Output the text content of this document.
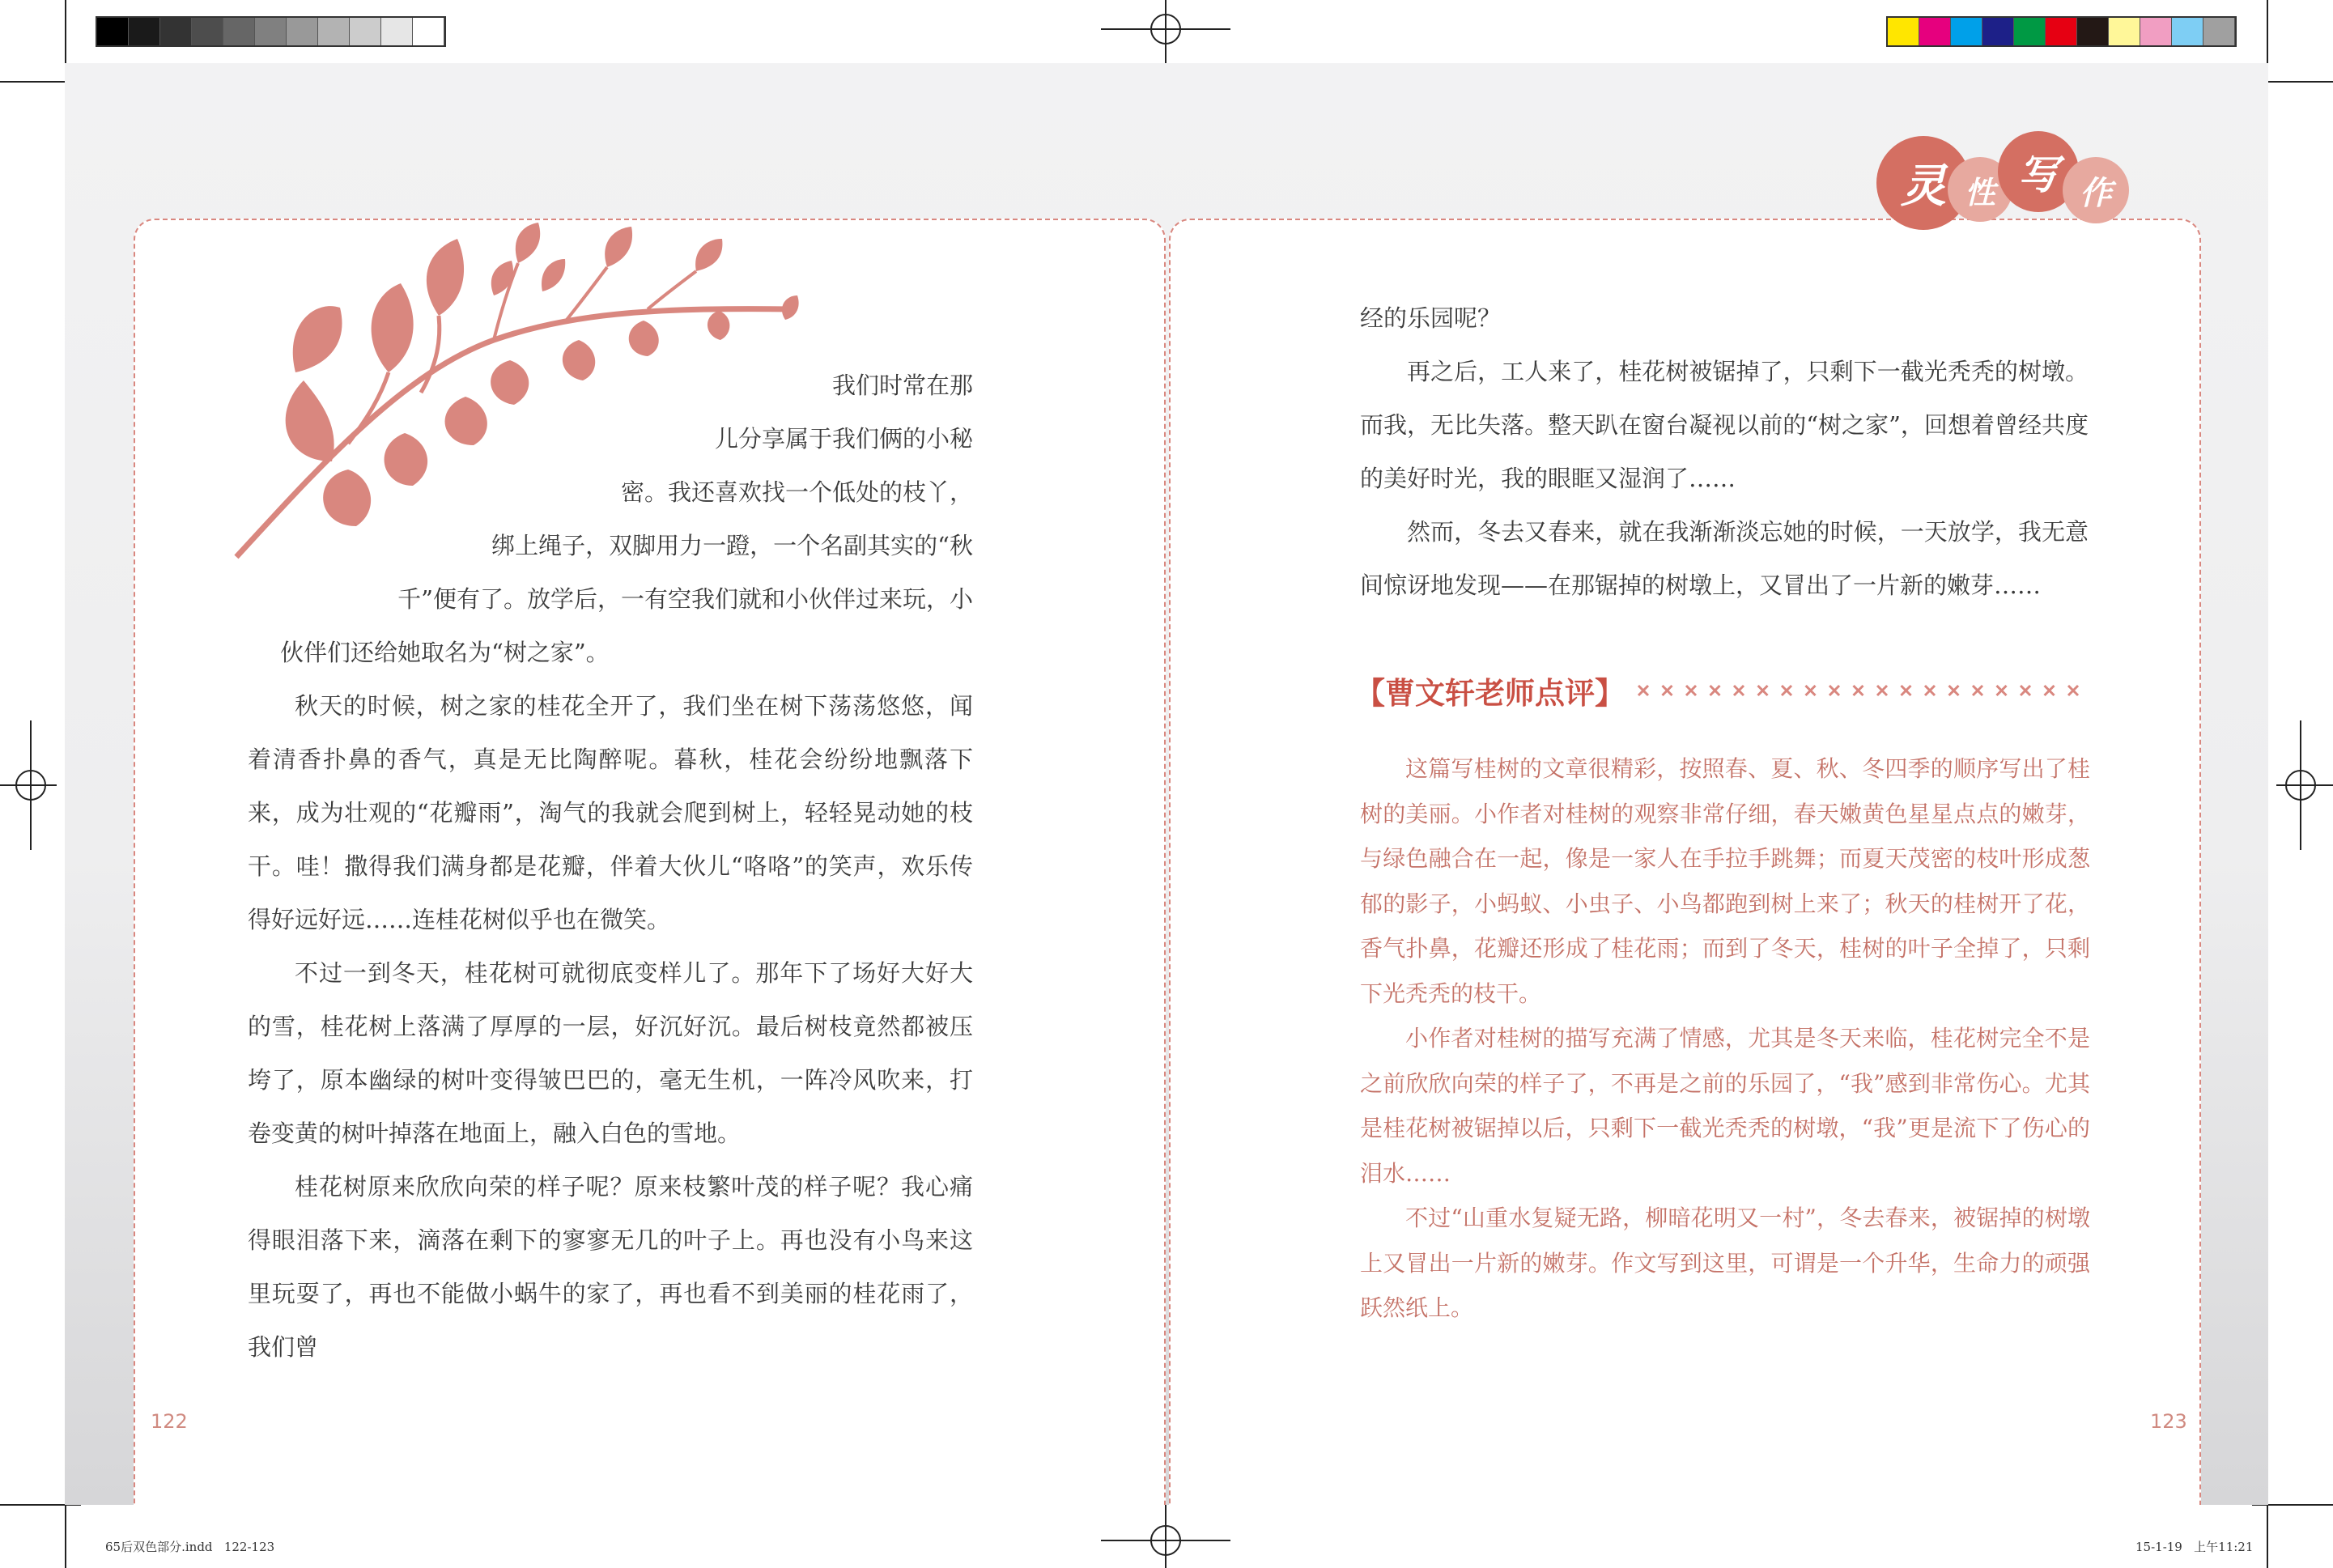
灵 性 写 作
我们时常在那
儿分享属于我们俩的小秘
密。我还喜欢找一个低处的枝丫，
绑上绳子，双脚用力一蹬，一个名副其实的“秋
千”便有了。放学后，一有空我们就和小伙伴过来玩，小
伙伴们还给她取名为“树之家”。

秋天的时候，树之家的桂花全开了，我们坐在树下荡荡悠悠，闻着清香扑鼻的香气，真是无比陶醉呢。暮秋，桂花会纷纷地飘落下来，成为壮观的“花瓣雨”，淘气的我就会爬到树上，轻轻晃动她的枝干。哇！撒得我们满身都是花瓣，伴着大伙儿“咯咯”的笑声，欢乐传得好远好远……连桂花树似乎也在微笑。

不过一到冬天，桂花树可就彻底变样儿了。那年下了场好大好大的雪，桂花树上落满了厚厚的一层，好沉好沉。最后树枝竟然都被压垮了，原本幽绿的树叶变得皱巴巴的，毫无生机，一阵冷风吹来，打卷变黄的树叶掉落在地面上，融入白色的雪地。

桂花树原来欣欣向荣的样子呢？原来枝繁叶茂的样子呢？我心痛得眼泪落下来，滴落在剩下的寥寥无几的叶子上。再也没有小鸟来这里玩耍了，再也不能做小蜗牛的家了，再也看不到美丽的桂花雨了，我们曾

122

经的乐园呢？

再之后，工人来了，桂花树被锯掉了，只剩下一截光秃秃的树墩。而我，无比失落。整天趴在窗台凝视以前的“树之家”，回想着曾经共度的美好时光，我的眼眶又湿润了……

然而，冬去又春来，就在我渐渐淡忘她的时候，一天放学，我无意间惊讶地发现——在那锯掉的树墩上，又冒出了一片新的嫩芽……

【曹文轩老师点评】

这篇写桂树的文章很精彩，按照春、夏、秋、冬四季的顺序写出了桂树的美丽。小作者对桂树的观察非常仔细，春天嫩黄色星星点点的嫩芽，与绿色融合在一起，像是一家人在手拉手跳舞；而夏天茂密的枝叶形成葱郁的影子，小蚂蚁、小虫子、小鸟都跑到树上来了；秋天的桂树开了花，香气扑鼻，花瓣还形成了桂花雨；而到了冬天，桂树的叶子全掉了，只剩下光秃秃的枝干。

小作者对桂树的描写充满了情感，尤其是冬天来临，桂花树完全不是之前欣欣向荣的样子了，不再是之前的乐园了，“我”感到非常伤心。尤其是桂花树被锯掉以后，只剩下一截光秃秃的树墩，“我”更是流下了伤心的泪水……

不过“山重水复疑无路，柳暗花明又一村”，冬去春来，被锯掉的树墩上又冒出一片新的嫩芽。作文写到这里，可谓是一个升华，生命力的顽强跃然纸上。

123
65后双色部分.indd   122-123	15-1-19   上午11:21
